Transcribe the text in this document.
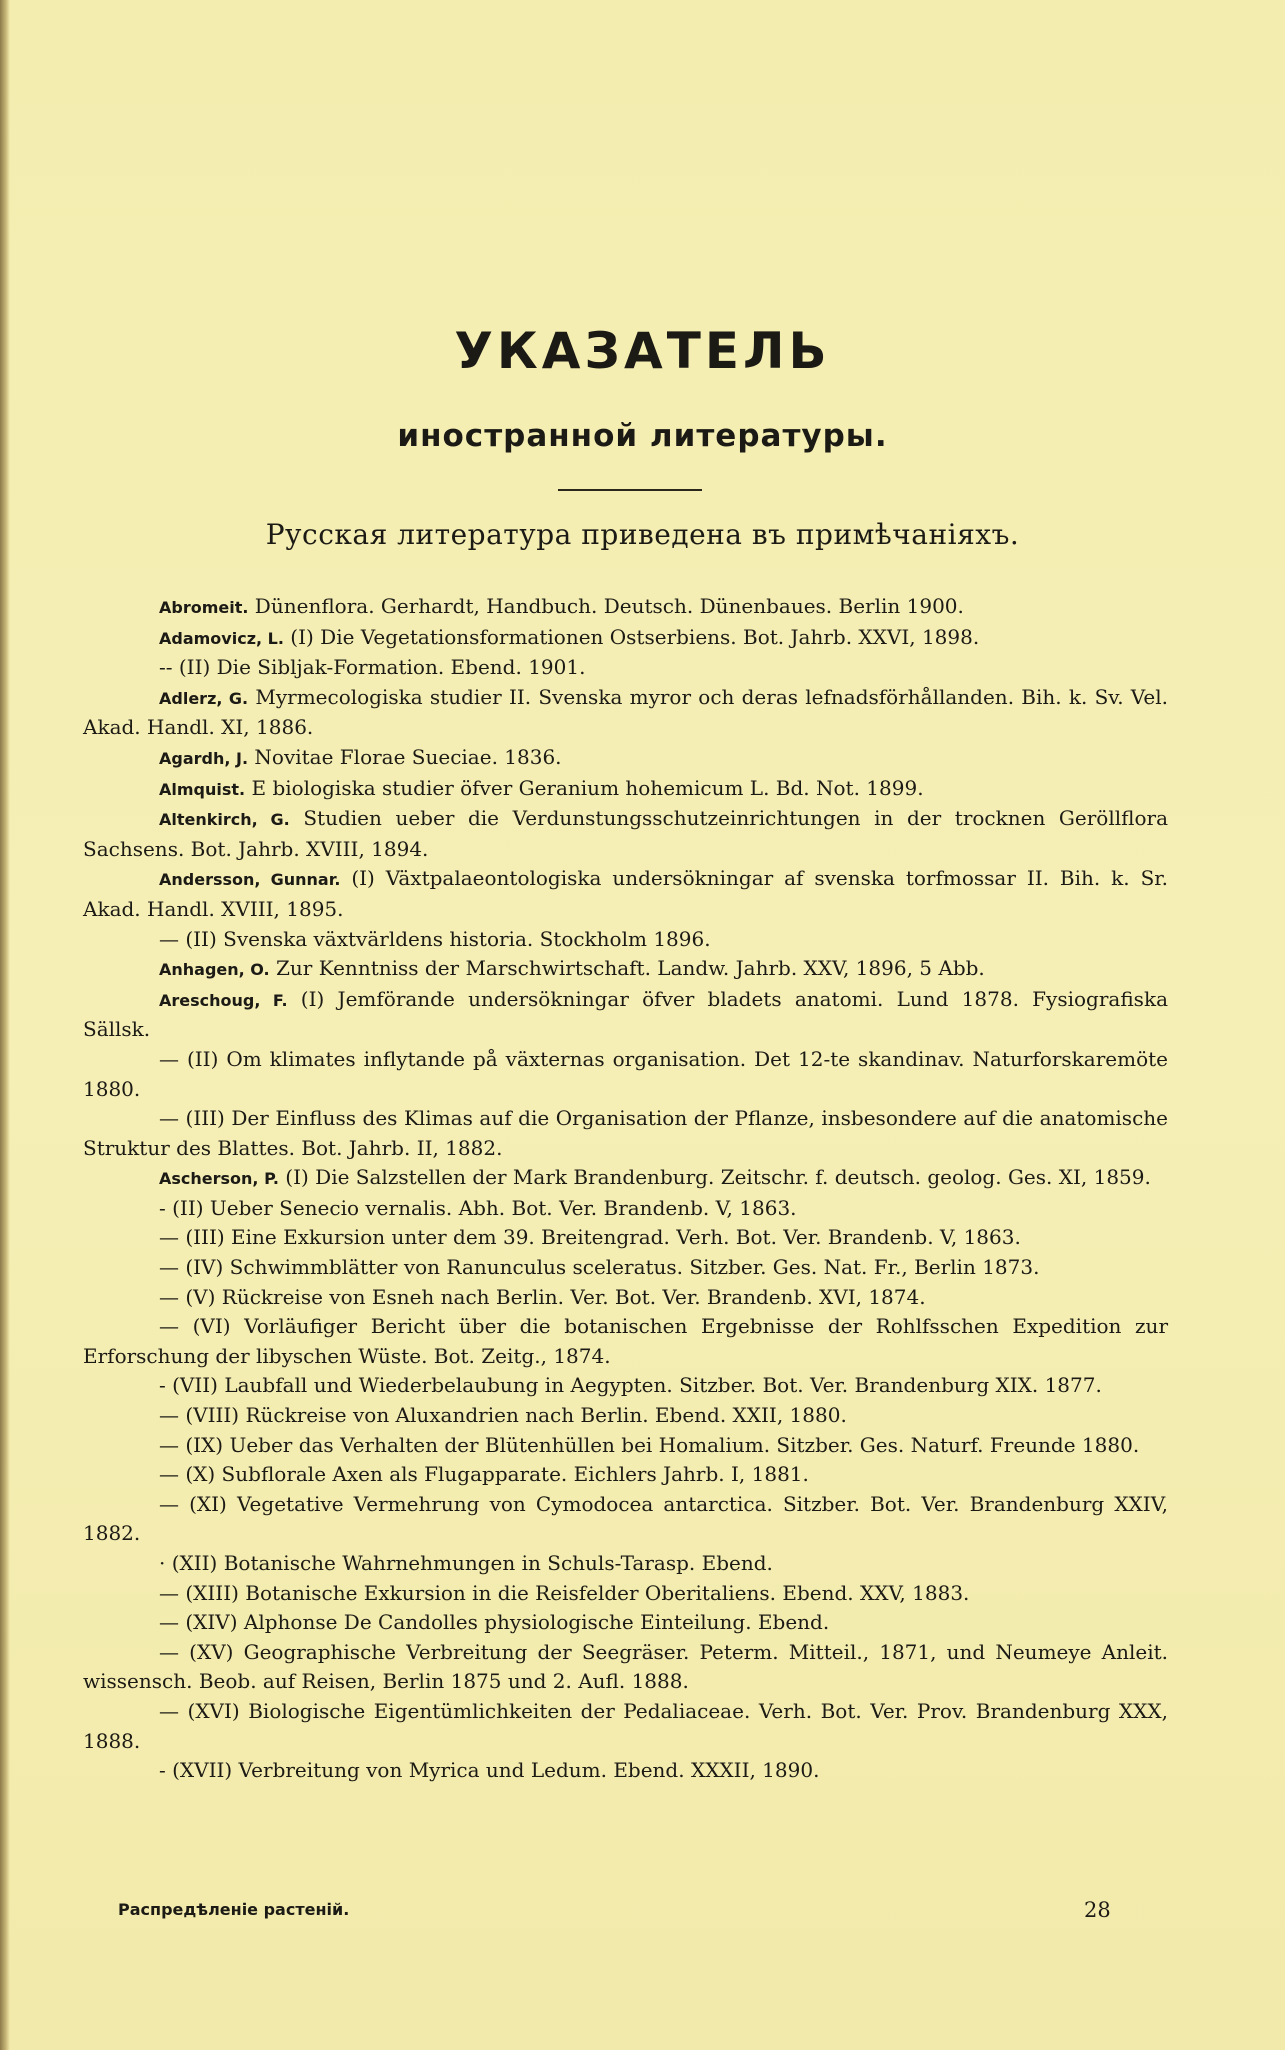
УКАЗАТЕЛЬ
иностранной литературы.
Русская литература приведена въ примѣчаніяхъ.

Abromeit. Dünenflora. Gerhardt, Handbuch. Deutsch. Dünenbaues. Berlin 1900.

Adamovicz, L. (I) Die Vegetationsformationen Ostserbiens. Bot. Jahrb. XXVI, 1898.

-- (II) Die Sibljak-Formation. Ebend. 1901.

Adlerz, G. Myrmecologiska studier II. Svenska myror och deras lefnadsförhållanden. Bih. k. Sv. Vel. Akad. Handl. XI, 1886.

Agardh, J. Novitae Florae Sueciae. 1836.

Almquist. E biologiska studier öfver Geranium hohemicum L. Bd. Not. 1899.

Altenkirch, G. Studien ueber die Verdunstungsschutzeinrichtungen in der trocknen Geröllflora Sachsens. Bot. Jahrb. XVIII, 1894.

Andersson, Gunnar. (I) Växtpalaeontologiska undersökningar af svenska torfmossar II. Bih. k. Sr. Akad. Handl. XVIII, 1895.

— (II) Svenska växtvärldens historia. Stockholm 1896.

Anhagen, O. Zur Kenntniss der Marschwirtschaft. Landw. Jahrb. XXV, 1896, 5 Abb.

Areschoug, F. (I) Jemförande undersökningar öfver bladets anatomi. Lund 1878. Fysiografiska Sällsk.

— (II) Om klimates inflytande på växternas organisation. Det 12-te skandinav. Naturforskaremöte 1880.

— (III) Der Einfluss des Klimas auf die Organisation der Pflanze, insbesondere auf die anatomische Struktur des Blattes. Bot. Jahrb. II, 1882.

Ascherson, P. (I) Die Salzstellen der Mark Brandenburg. Zeitschr. f. deutsch. geolog. Ges. XI, 1859.

- (II) Ueber Senecio vernalis. Abh. Bot. Ver. Brandenb. V, 1863.

— (III) Eine Exkursion unter dem 39. Breitengrad. Verh. Bot. Ver. Brandenb. V, 1863.

— (IV) Schwimmblätter von Ranunculus sceleratus. Sitzber. Ges. Nat. Fr., Berlin 1873.

— (V) Rückreise von Esneh nach Berlin. Ver. Bot. Ver. Brandenb. XVI, 1874.

— (VI) Vorläufiger Bericht über die botanischen Ergebnisse der Rohlfsschen Expedition zur Erforschung der libyschen Wüste. Bot. Zeitg., 1874.

- (VII) Laubfall und Wiederbelaubung in Aegypten. Sitzber. Bot. Ver. Brandenburg XIX. 1877.

— (VIII) Rückreise von Aluxandrien nach Berlin. Ebend. XXII, 1880.

— (IX) Ueber das Verhalten der Blütenhüllen bei Homalium. Sitzber. Ges. Naturf. Freunde 1880.

— (X) Subflorale Axen als Flugapparate. Eichlers Jahrb. I, 1881.

— (XI) Vegetative Vermehrung von Cymodocea antarctica. Sitzber. Bot. Ver. Brandenburg XXIV, 1882.

· (XII) Botanische Wahrnehmungen in Schuls-Tarasp. Ebend.

— (XIII) Botanische Exkursion in die Reisfelder Oberitaliens. Ebend. XXV, 1883.

— (XIV) Alphonse De Candolles physiologische Einteilung. Ebend.

— (XV) Geographische Verbreitung der Seegräser. Peterm. Mitteil., 1871, und Neumeye Anleit. wissensch. Beob. auf Reisen, Berlin 1875 und 2. Aufl. 1888.

— (XVI) Biologische Eigentümlichkeiten der Pedaliaceae. Verh. Bot. Ver. Prov. Brandenburg XXX, 1888.

- (XVII) Verbreitung von Myrica und Ledum. Ebend. XXXII, 1890.

Распредѣленіе растеній.	28
